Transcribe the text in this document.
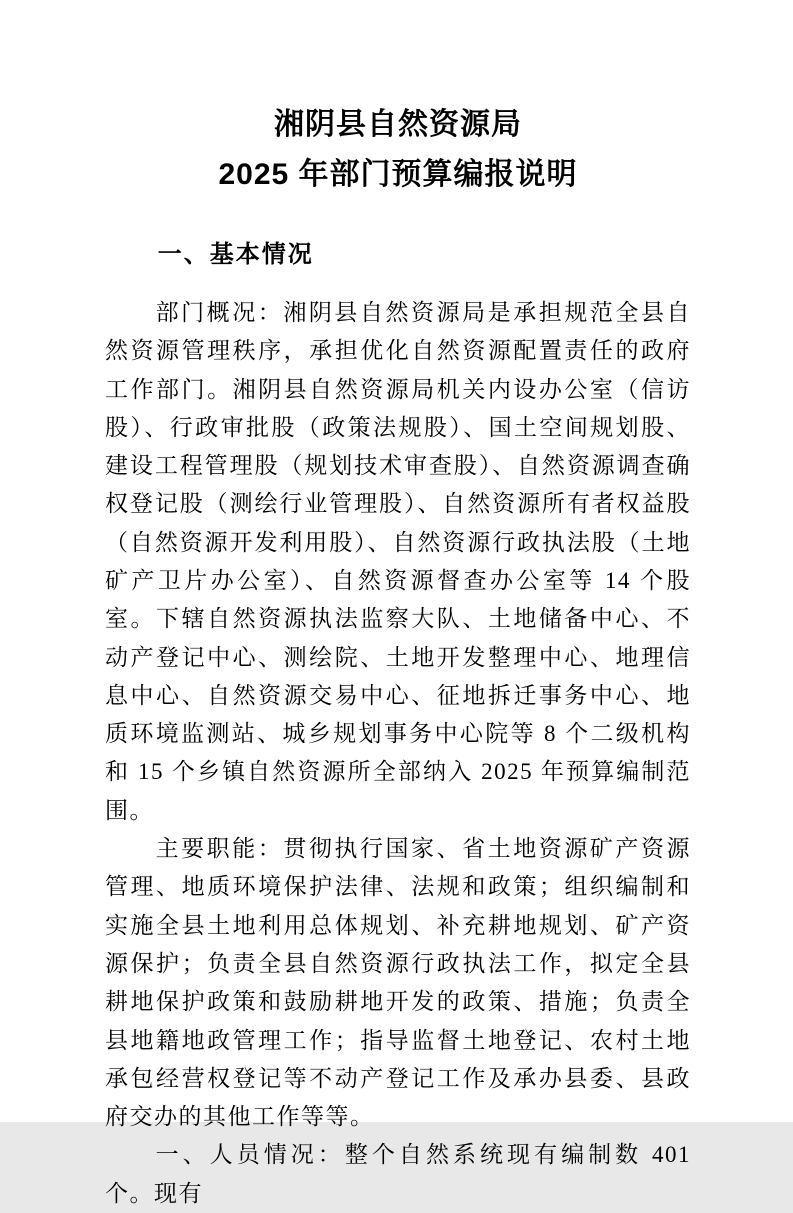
湘阴县自然资源局
2025 年部门预算编报说明
一、基本情况

部门概况：湘阴县自然资源局是承担规范全县自然资源管理秩序，承担优化自然资源配置责任的政府工作部门。湘阴县自然资源局机关内设办公室（信访股）、行政审批股（政策法规股）、国土空间规划股、建设工程管理股（规划技术审查股）、自然资源调查确权登记股（测绘行业管理股）、自然资源所有者权益股（自然资源开发利用股）、自然资源行政执法股（土地矿产卫片办公室）、自然资源督查办公室等 14 个股室。下辖自然资源执法监察大队、土地储备中心、不动产登记中心、测绘院、土地开发整理中心、地理信息中心、自然资源交易中心、征地拆迁事务中心、地质环境监测站、城乡规划事务中心院等 8 个二级机构和 15 个乡镇自然资源所全部纳入 2025 年预算编制范围。

主要职能：贯彻执行国家、省土地资源矿产资源管理、地质环境保护法律、法规和政策；组织编制和实施全县土地利用总体规划、补充耕地规划、矿产资源保护；负责全县自然资源行政执法工作，拟定全县耕地保护政策和鼓励耕地开发的政策、措施；负责全县地籍地政管理工作；指导监督土地登记、农村土地承包经营权登记等不动产登记工作及承办县委、县政府交办的其他工作等等。

一、人员情况：整个自然系统现有编制数 401 个。现有
